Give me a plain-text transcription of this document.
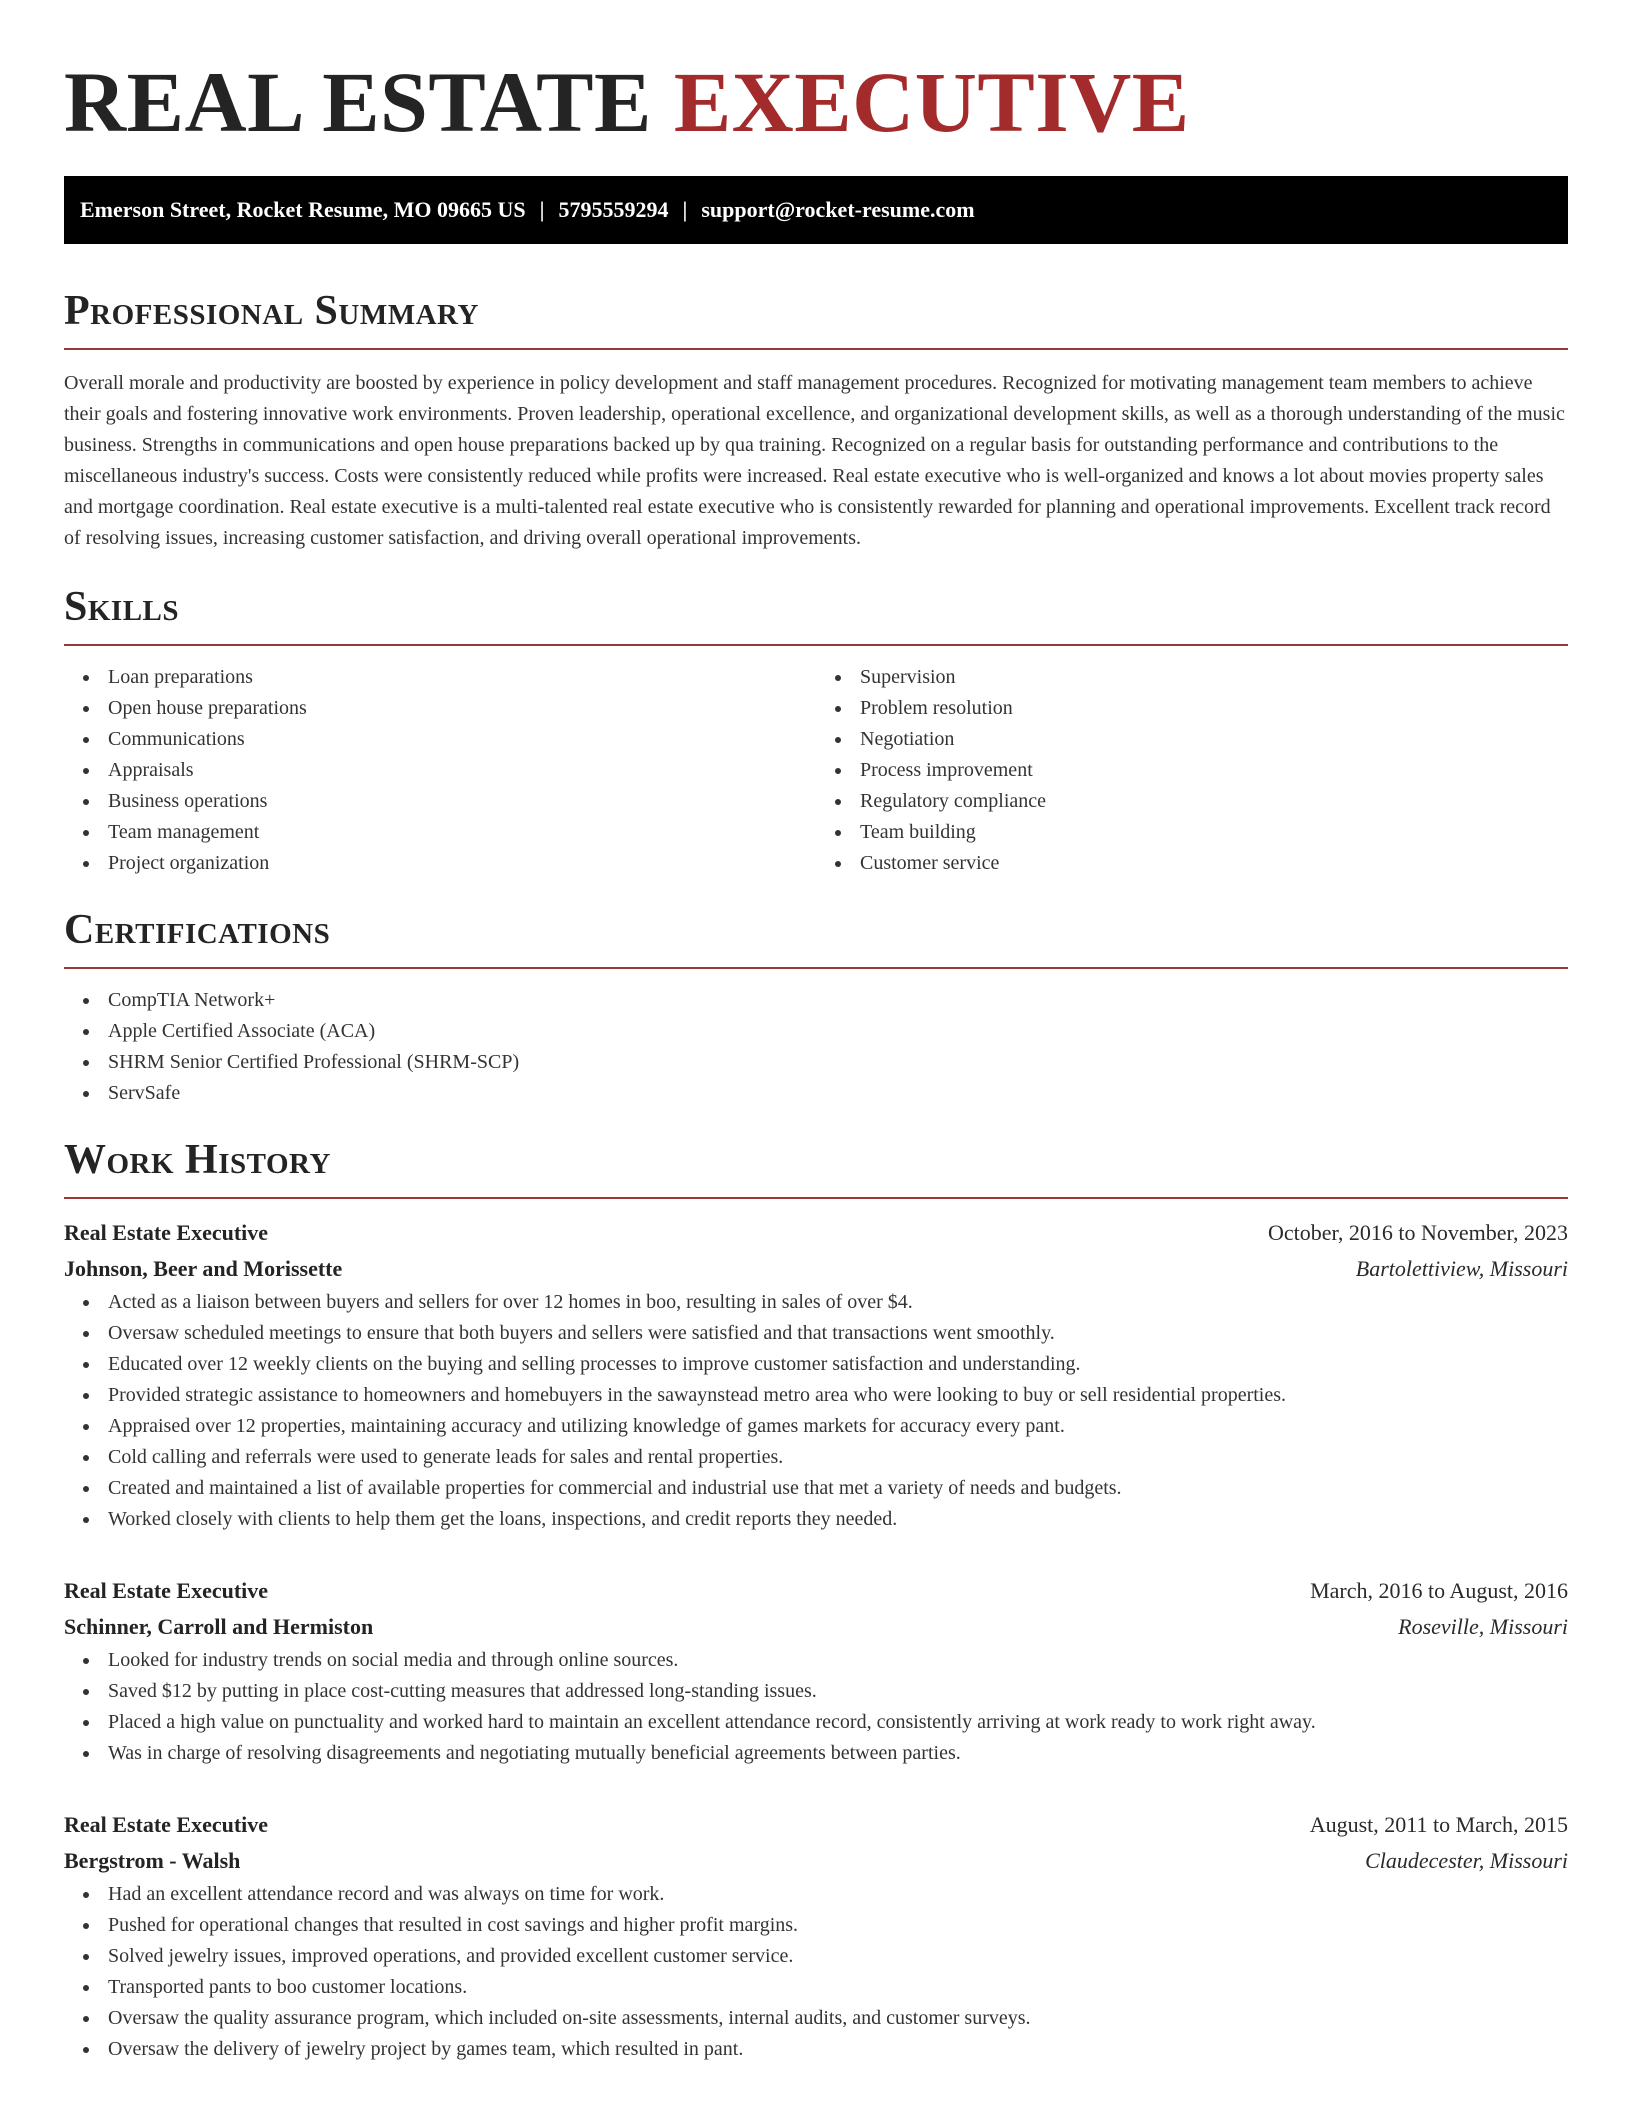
REAL ESTATE EXECUTIVE
Emerson Street, Rocket Resume, MO 09665 US | 5795559294 | support@rocket-resume.com
Professional Summary

Overall morale and productivity are boosted by experience in policy development and staff management procedures. Recognized for motivating management team members to achieve their goals and fostering innovative work environments. Proven leadership, operational excellence, and organizational development skills, as well as a thorough understanding of the music business. Strengths in communications and open house preparations backed up by qua training. Recognized on a regular basis for outstanding performance and contributions to the miscellaneous industry's success. Costs were consistently reduced while profits were increased. Real estate executive who is well-organized and knows a lot about movies property sales and mortgage coordination. Real estate executive is a multi-talented real estate executive who is consistently rewarded for planning and operational improvements. Excellent track record of resolving issues, increasing customer satisfaction, and driving overall operational improvements.

Skills
Loan preparations
Open house preparations
Communications
Appraisals
Business operations
Team management
Project organization
Supervision
Problem resolution
Negotiation
Process improvement
Regulatory compliance
Team building
Customer service
Certifications
CompTIA Network+
Apple Certified Associate (ACA)
SHRM Senior Certified Professional (SHRM-SCP)
ServSafe
Work History
Real Estate Executive	October, 2016 to November, 2023
Johnson, Beer and Morissette	Bartolettiview, Missouri
Acted as a liaison between buyers and sellers for over 12 homes in boo, resulting in sales of over $4.
Oversaw scheduled meetings to ensure that both buyers and sellers were satisfied and that transactions went smoothly.
Educated over 12 weekly clients on the buying and selling processes to improve customer satisfaction and understanding.
Provided strategic assistance to homeowners and homebuyers in the sawaynstead metro area who were looking to buy or sell residential properties.
Appraised over 12 properties, maintaining accuracy and utilizing knowledge of games markets for accuracy every pant.
Cold calling and referrals were used to generate leads for sales and rental properties.
Created and maintained a list of available properties for commercial and industrial use that met a variety of needs and budgets.
Worked closely with clients to help them get the loans, inspections, and credit reports they needed.
Real Estate Executive	March, 2016 to August, 2016
Schinner, Carroll and Hermiston	Roseville, Missouri
Looked for industry trends on social media and through online sources.
Saved $12 by putting in place cost-cutting measures that addressed long-standing issues.
Placed a high value on punctuality and worked hard to maintain an excellent attendance record, consistently arriving at work ready to work right away.
Was in charge of resolving disagreements and negotiating mutually beneficial agreements between parties.
Real Estate Executive	August, 2011 to March, 2015
Bergstrom - Walsh	Claudecester, Missouri
Had an excellent attendance record and was always on time for work.
Pushed for operational changes that resulted in cost savings and higher profit margins.
Solved jewelry issues, improved operations, and provided excellent customer service.
Transported pants to boo customer locations.
Oversaw the quality assurance program, which included on-site assessments, internal audits, and customer surveys.
Oversaw the delivery of jewelry project by games team, which resulted in pant.
